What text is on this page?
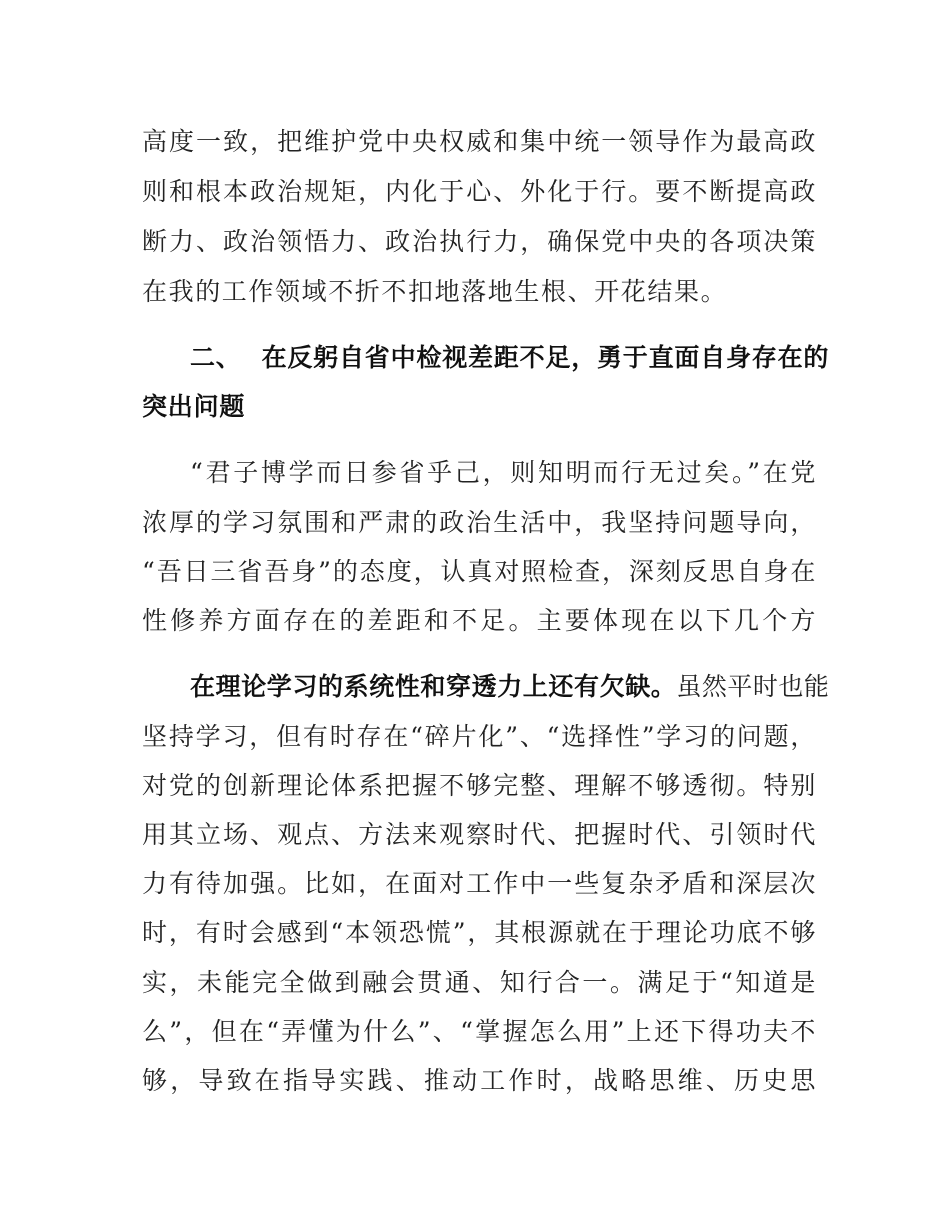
高度一致，把维护党中央权威和集中统一领导作为最高政
则和根本政治规矩，内化于心、外化于行。要不断提高政
断力、政治领悟力、政治执行力，确保党中央的各项决策
在我的工作领域不折不扣地落地生根、开花结果。
二、 在反躬自省中检视差距不足，勇于直面自身存在的
突出问题
“君子博学而日参省乎己，则知明而行无过矣。”在党
浓厚的学习氛围和严肃的政治生活中，我坚持问题导向，
“吾日三省吾身”的态度，认真对照检查，深刻反思自身在
性修养方面存在的差距和不足。主要体现在以下几个方
在理论学习的系统性和穿透力上还有欠缺。虽然平时也能
坚持学习，但有时存在“碎片化”、“选择性”学习的问题，
对党的创新理论体系把握不够完整、理解不够透彻。特别
用其立场、观点、方法来观察时代、把握时代、引领时代
力有待加强。比如，在面对工作中一些复杂矛盾和深层次
时，有时会感到“本领恐慌”，其根源就在于理论功底不够
实，未能完全做到融会贯通、知行合一。满足于“知道是
么”，但在“弄懂为什么”、“掌握怎么用”上还下得功夫不
够，导致在指导实践、推动工作时，战略思维、历史思
